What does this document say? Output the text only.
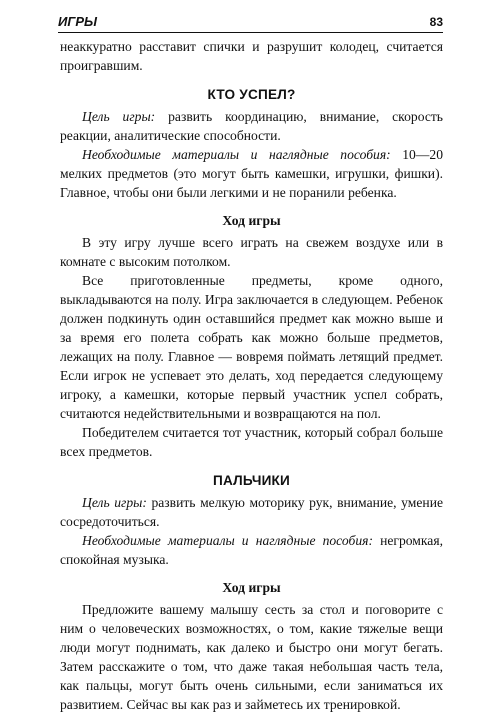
ИГРЫ	83

неаккуратно расставит спички и разрушит колодец, считается проигравшим.

КТО УСПЕЛ?

Цель игры: развить координацию, внимание, скорость реакции, аналитические способности.

Необходимые материалы и наглядные пособия: 10—20 мелких предметов (это могут быть камешки, игрушки, фишки). Главное, чтобы они были легкими и не поранили ребенка.

Ход игры

В эту игру лучше всего играть на свежем воздухе или в комнате с высоким потолком.

Все приготовленные предметы, кроме одного, выкладываются на полу. Игра заключается в следующем. Ребенок должен подкинуть один оставшийся предмет как можно выше и за время его полета собрать как можно больше предметов, лежащих на полу. Главное — вовремя поймать летящий предмет. Если игрок не успевает это делать, ход передается следующему игроку, а камешки, которые первый участник успел собрать, считаются недействительными и возвращаются на пол.

Победителем считается тот участник, который собрал больше всех предметов.

ПАЛЬЧИКИ

Цель игры: развить мелкую моторику рук, внимание, умение сосредоточиться.

Необходимые материалы и наглядные пособия: негромкая, спокойная музыка.

Ход игры

Предложите вашему малышу сесть за стол и поговорите с ним о человеческих возможностях, о том, какие тяжелые вещи люди могут поднимать, как далеко и быстро они могут бегать. Затем расскажите о том, что даже такая небольшая часть тела, как пальцы, могут быть очень сильными, если заниматься их развитием. Сейчас вы как раз и займетесь их тренировкой.
